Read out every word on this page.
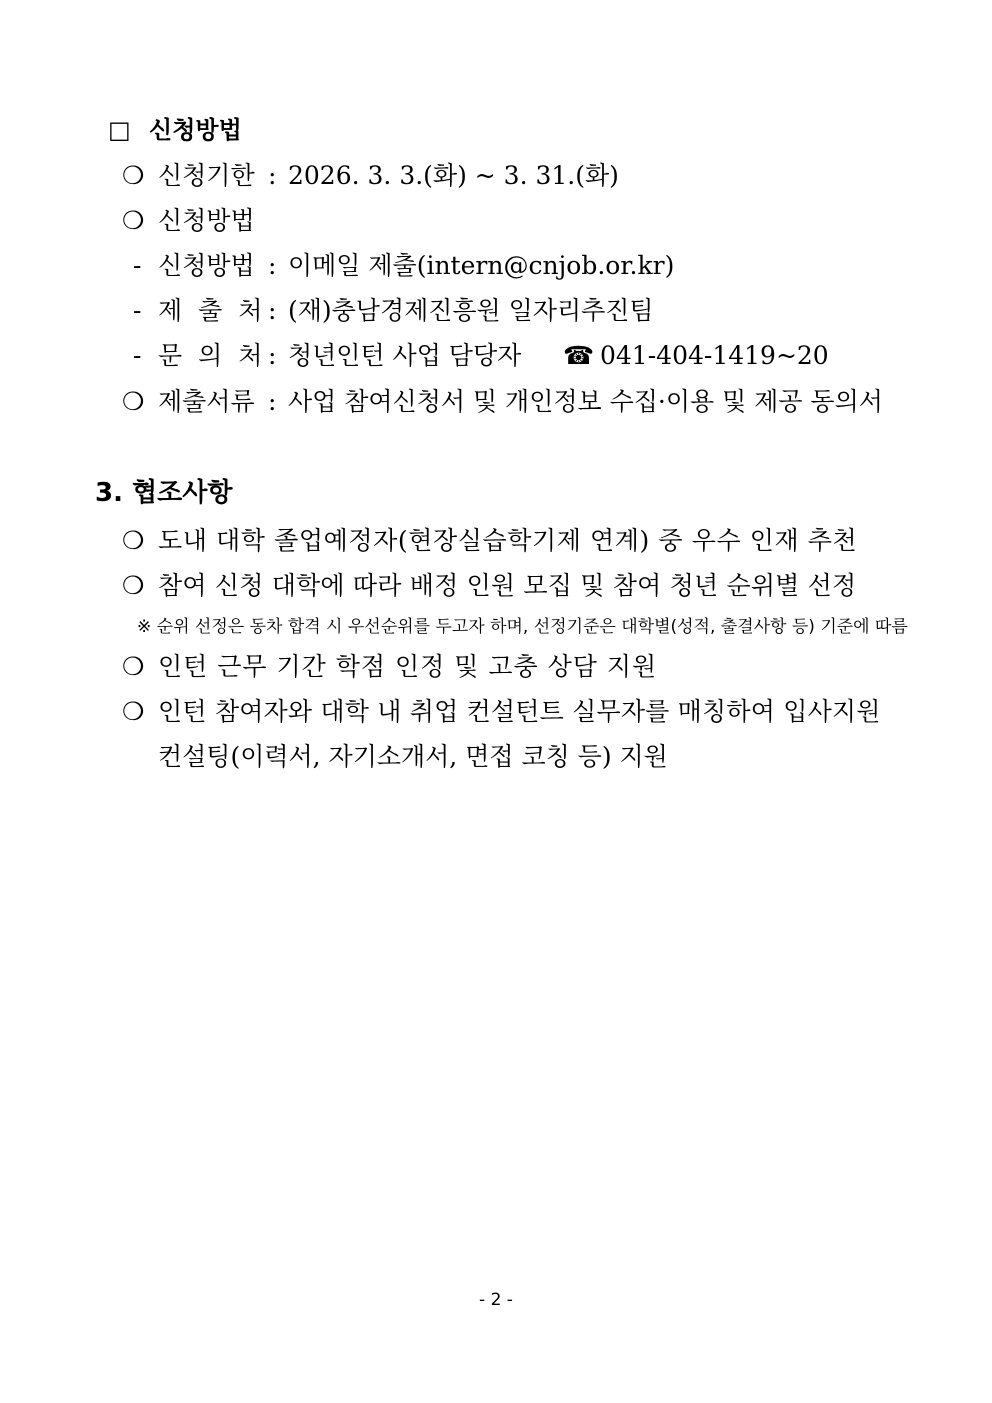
□ 신청방법
❍ 신청기한 : 2026. 3. 3.(화) ~ 3. 31.(화)
❍ 신청방법
- 신청방법 : 이메일 제출(intern@cnjob.or.kr)
- 제 출 처 : (재)충남경제진흥원 일자리추진팀
- 문 의 처 : 청년인턴 사업 담당자 ☎ 041-404-1419~20
❍ 제출서류 : 사업 참여신청서 및 개인정보 수집·이용 및 제공 동의서
3. 협조사항
❍ 도내 대학 졸업예정자(현장실습학기제 연계) 중 우수 인재 추천
❍ 참여 신청 대학에 따라 배정 인원 모집 및 참여 청년 순위별 선정
※ 순위 선정은 동차 합격 시 우선순위를 두고자 하며, 선정기준은 대학별(성적, 출결사항 등) 기준에 따름
❍ 인턴 근무 기간 학점 인정 및 고충 상담 지원
❍ 인턴 참여자와 대학 내 취업 컨설턴트 실무자를 매칭하여 입사지원
컨설팅(이력서, 자기소개서, 면접 코칭 등) 지원
- 2 -
